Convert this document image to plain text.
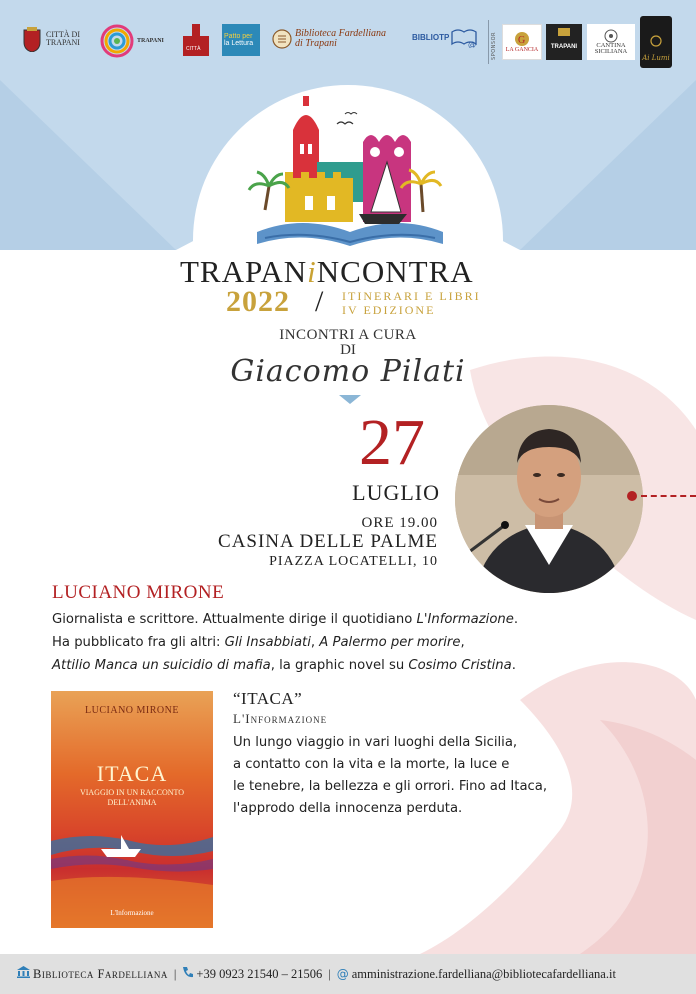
CITTÀ DI
TRAPANI	TRAPANI
CITTÀ
Patto per
la Lettura
Biblioteca Fardelliana
di Trapani
BIBLIOTP
@	SPONSOR G
LA GANCIA TRAPANI	CANTINA
SICILIANA
Ai Lumi
TRAPANiNCONTRA
2022 / ITINERARI E LIBRI
IV EDIZIONE
INCONTRI A CURA
DI
Giacomo Pilati
27
LUGLIO
ORE 19.00
CASINA DELLE PALME
PIAZZA LOCATELLI, 10
LUCIANO MIRONE
Giornalista e scrittore. Attualmente dirige il quotidiano L'Informazione.
Ha pubblicato fra gli altri: Gli Insabbiati, A Palermo per morire,
Attilio Manca un suicidio di mafia, la graphic novel su Cosimo Cristina.
LUCIANO MIRONE
ITACA
VIAGGIO IN UN RACCONTO
DELL'ANIMA
L'Informazione
“ITACA”
L'Informazione
Un lungo viaggio in vari luoghi della Sicilia,
a contatto con la vita e la morte, la luce e
le tenebre, la bellezza e gli orrori. Fino ad Itaca,
l'approdo della innocenza perduta.
Biblioteca Fardelliana | +39 0923 21540 – 21506 | @ amministrazione.fardelliana@bibliotecafardelliana.it
